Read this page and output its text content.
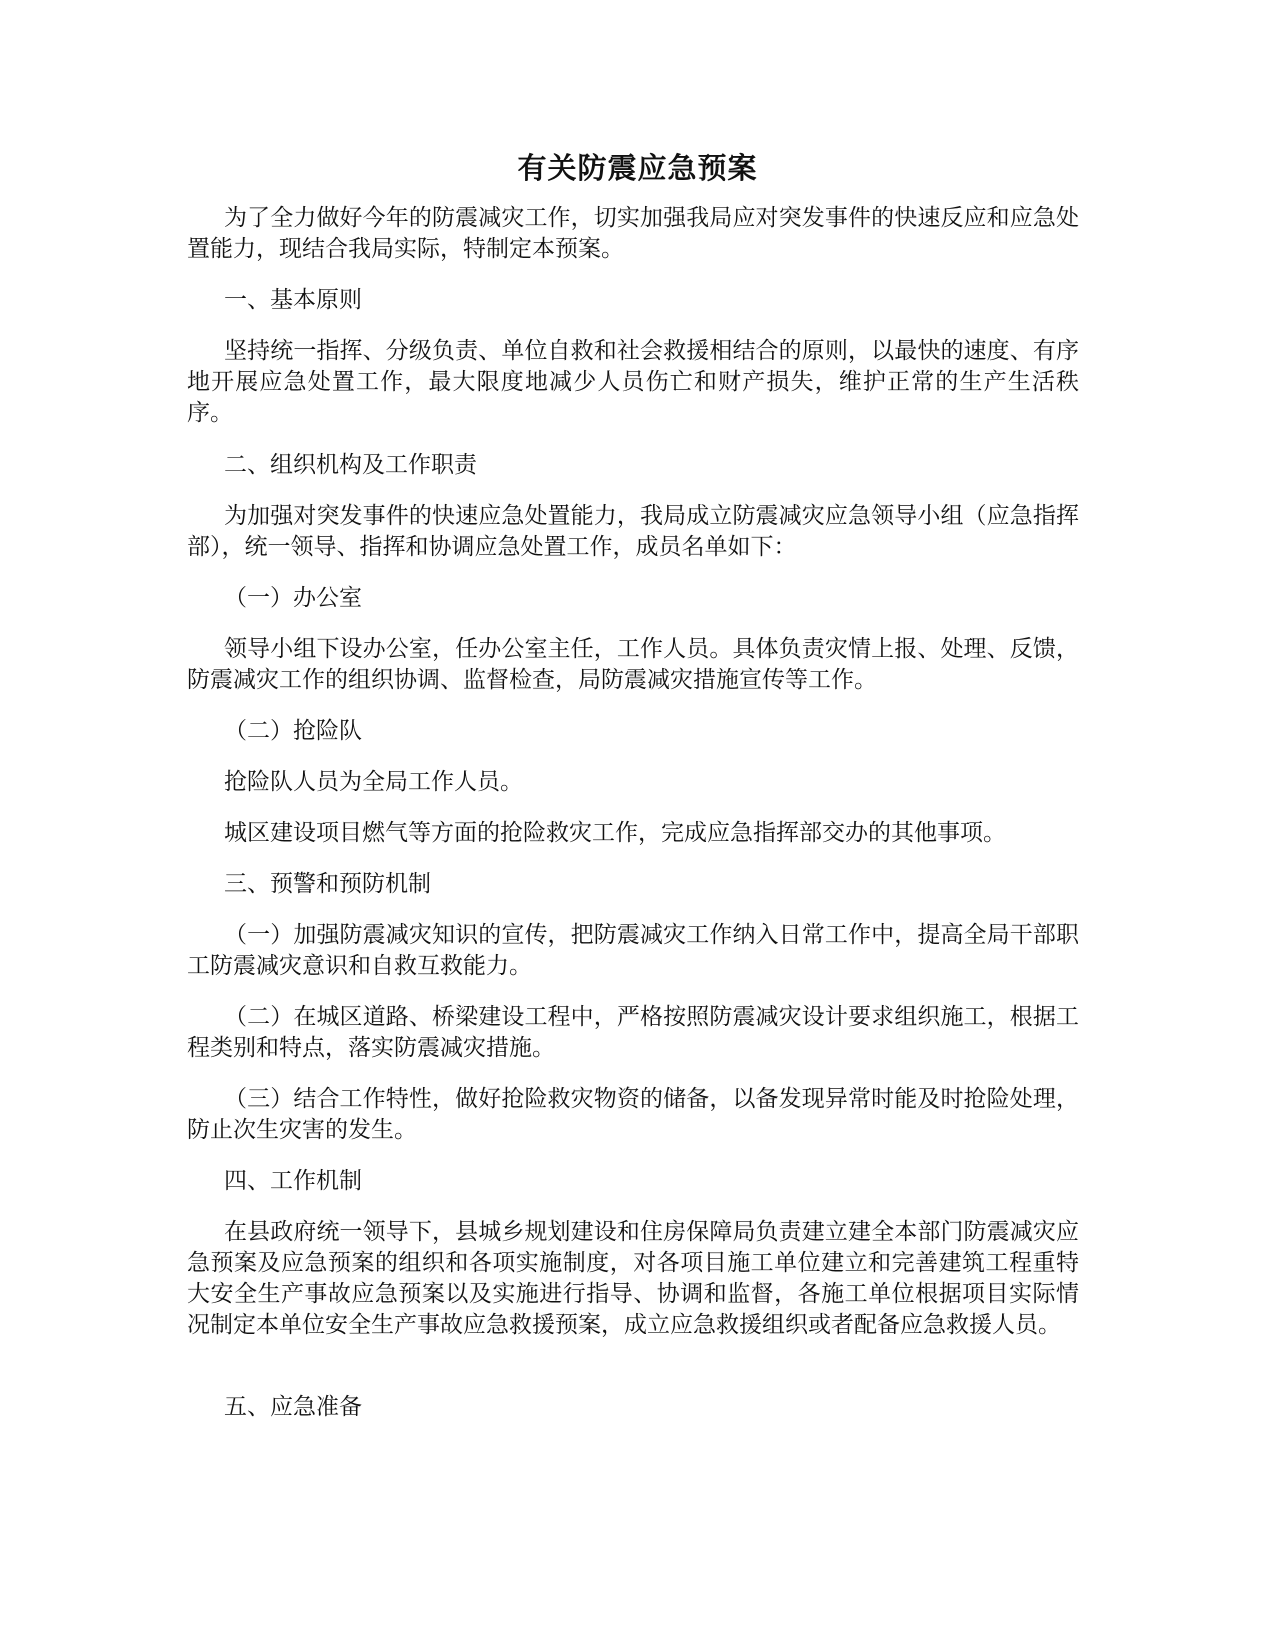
有关防震应急预案

为了全力做好今年的防震减灾工作，切实加强我局应对突发事件的快速反应和应急处置能力，现结合我局实际，特制定本预案。

一、基本原则

坚持统一指挥、分级负责、单位自救和社会救援相结合的原则，以最快的速度、有序地开展应急处置工作，最大限度地减少人员伤亡和财产损失，维护正常的生产生活秩序。

二、组织机构及工作职责

为加强对突发事件的快速应急处置能力，我局成立防震减灾应急领导小组（应急指挥部），统一领导、指挥和协调应急处置工作，成员名单如下：

（一）办公室

领导小组下设办公室，任办公室主任，工作人员。具体负责灾情上报、处理、反馈，防震减灾工作的组织协调、监督检查，局防震减灾措施宣传等工作。

（二）抢险队

抢险队人员为全局工作人员。

城区建设项目燃气等方面的抢险救灾工作，完成应急指挥部交办的其他事项。

三、预警和预防机制

（一）加强防震减灾知识的宣传，把防震减灾工作纳入日常工作中，提高全局干部职工防震减灾意识和自救互救能力。

（二）在城区道路、桥梁建设工程中，严格按照防震减灾设计要求组织施工，根据工程类别和特点，落实防震减灾措施。

（三）结合工作特性，做好抢险救灾物资的储备，以备发现异常时能及时抢险处理，防止次生灾害的发生。

四、工作机制

在县政府统一领导下，县城乡规划建设和住房保障局负责建立建全本部门防震减灾应急预案及应急预案的组织和各项实施制度，对各项目施工单位建立和完善建筑工程重特大安全生产事故应急预案以及实施进行指导、协调和监督，各施工单位根据项目实际情况制定本单位安全生产事故应急救援预案，成立应急救援组织或者配备应急救援人员。

五、应急准备
